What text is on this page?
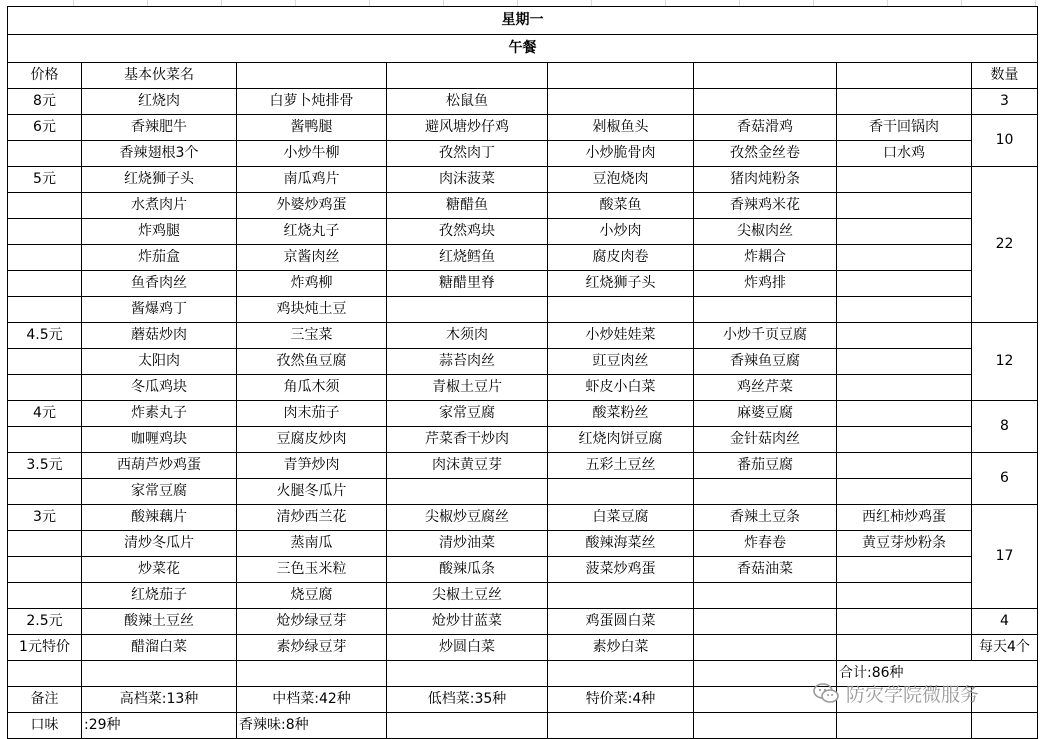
星期一							
午餐							
价格	基本伙菜名						数量
8元	红烧肉	白萝卜炖排骨	松鼠鱼				3
6元	香辣肥牛	酱鸭腿	避风塘炒仔鸡	剁椒鱼头	香菇滑鸡	香干回锅肉	10
	香辣翅根3个	小炒牛柳	孜然肉丁	小炒脆骨肉	孜然金丝卷	口水鸡	
5元	红烧狮子头	南瓜鸡片	肉沫菠菜	豆泡烧肉	猪肉炖粉条		22
	水煮肉片	外婆炒鸡蛋	糖醋鱼	酸菜鱼	香辣鸡米花		
	炸鸡腿	红烧丸子	孜然鸡块	小炒肉	尖椒肉丝		
	炸茄盒	京酱肉丝	红烧鳕鱼	腐皮肉卷	炸耦合		
	鱼香肉丝	炸鸡柳	糖醋里脊	红烧狮子头	炸鸡排		
	酱爆鸡丁	鸡块炖土豆					
4.5元	蘑菇炒肉	三宝菜	木须肉	小炒娃娃菜	小炒千页豆腐		12
	太阳肉	孜然鱼豆腐	蒜苔肉丝	豇豆肉丝	香辣鱼豆腐		
	冬瓜鸡块	角瓜木须	青椒土豆片	虾皮小白菜	鸡丝芹菜		
4元	炸素丸子	肉末茄子	家常豆腐	酸菜粉丝	麻婆豆腐		8
	咖喱鸡块	豆腐皮炒肉	芹菜香干炒肉	红烧肉饼豆腐	金针菇肉丝		
3.5元	西葫芦炒鸡蛋	青笋炒肉	肉沫黄豆芽	五彩土豆丝	番茄豆腐		6
	家常豆腐	火腿冬瓜片					
3元	酸辣藕片	清炒西兰花	尖椒炒豆腐丝	白菜豆腐	香辣土豆条	西红柿炒鸡蛋	17
	清炒冬瓜片	蒸南瓜	清炒油菜	酸辣海菜丝	炸春卷	黄豆芽炒粉条	
	炒菜花	三色玉米粒	酸辣瓜条	菠菜炒鸡蛋	香菇油菜		
	红烧茄子	烧豆腐	尖椒土豆丝				
2.5元	酸辣土豆丝	炝炒绿豆芽	炝炒甘蓝菜	鸡蛋圆白菜			4
1元特价	醋溜白菜	素炒绿豆芽	炒圆白菜	素炒白菜			每天4个
						合计:86种	
备注	高档菜:13种	中档菜:42种	低档菜:35种	特价菜:4种			
口味	:29种	香辣味:8种					
防灾学院微服务
